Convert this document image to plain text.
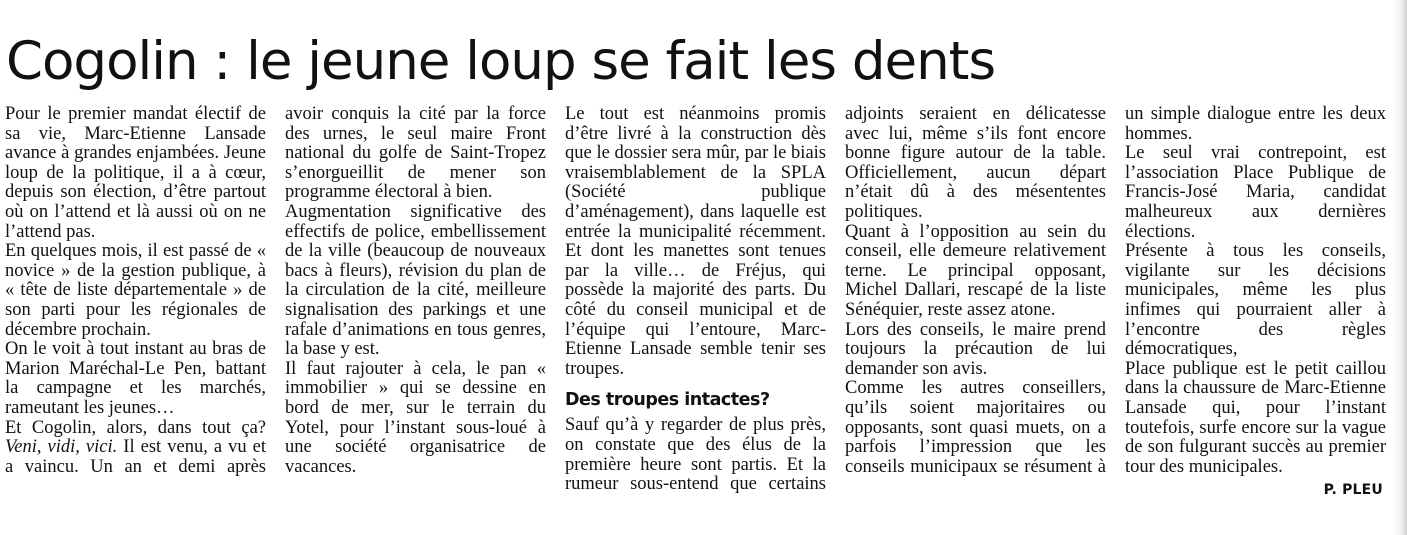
Cogolin : le jeune loup se fait les dents

Pour le premier mandat électif de sa vie, Marc-Etienne Lansade avance à grandes enjambées. Jeune loup de la politique, il a à cœur, depuis son élection, d’être partout où on l’attend et là aussi où on ne l’attend pas.

En quelques mois, il est passé de « novice » de la gestion publique, à « tête de liste départementale » de son parti pour les régionales de décembre prochain.

On le voit à tout instant au bras de Marion Maréchal-Le Pen, battant la campagne et les marchés, rameutant les jeunes…

Et Cogolin, alors, dans tout ça? Veni, vidi, vici. Il est venu, a vu et a vaincu. Un an et demi après

avoir conquis la cité par la force des urnes, le seul maire Front national du golfe de Saint-Tropez s’enorgueillit de mener son programme électoral à bien.

Augmentation significative des effectifs de police, embellissement de la ville (beaucoup de nouveaux bacs à fleurs), révision du plan de la circulation de la cité, meilleure signalisation des parkings et une rafale d’animations en tous genres, la base y est.

Il faut rajouter à cela, le pan « immobilier » qui se dessine en bord de mer, sur le terrain du Yotel, pour l’instant sous-loué à une société organisatrice de vacances.

Le tout est néanmoins promis d’être livré à la construction dès que le dossier sera mûr, par le biais vraisemblablement de la SPLA (Société publique d’aménagement), dans laquelle est entrée la municipalité récemment. Et dont les manettes sont tenues par la ville… de Fréjus, qui possède la majorité des parts. Du côté du conseil municipal et de l’équipe qui l’entoure, Marc-Etienne Lansade semble tenir ses troupes.

Des troupes intactes?

Sauf qu’à y regarder de plus près, on constate que des élus de la première heure sont partis. Et la rumeur sous-entend que certains

adjoints seraient en délicatesse avec lui, même s’ils font encore bonne figure autour de la table. Officiellement, aucun départ n’était dû à des mésententes politiques.

Quant à l’opposition au sein du conseil, elle demeure relativement terne. Le principal opposant, Michel Dallari, rescapé de la liste Sénéquier, reste assez atone.

Lors des conseils, le maire prend toujours la précaution de lui demander son avis.

Comme les autres conseillers, qu’ils soient majoritaires ou opposants, sont quasi muets, on a parfois l’impression que les conseils municipaux se résument à

un simple dialogue entre les deux hommes.

Le seul vrai contrepoint, est l’association Place Publique de Francis-José Maria, candidat malheureux aux dernières élections.

Présente à tous les conseils, vigilante sur les décisions municipales, même les plus infimes qui pourraient aller à l’encontre des règles démocratiques,

Place publique est le petit caillou dans la chaussure de Marc-Etienne Lansade qui, pour l’instant toutefois, surfe encore sur la vague de son fulgurant succès au premier tour des municipales.

P. PLEU
